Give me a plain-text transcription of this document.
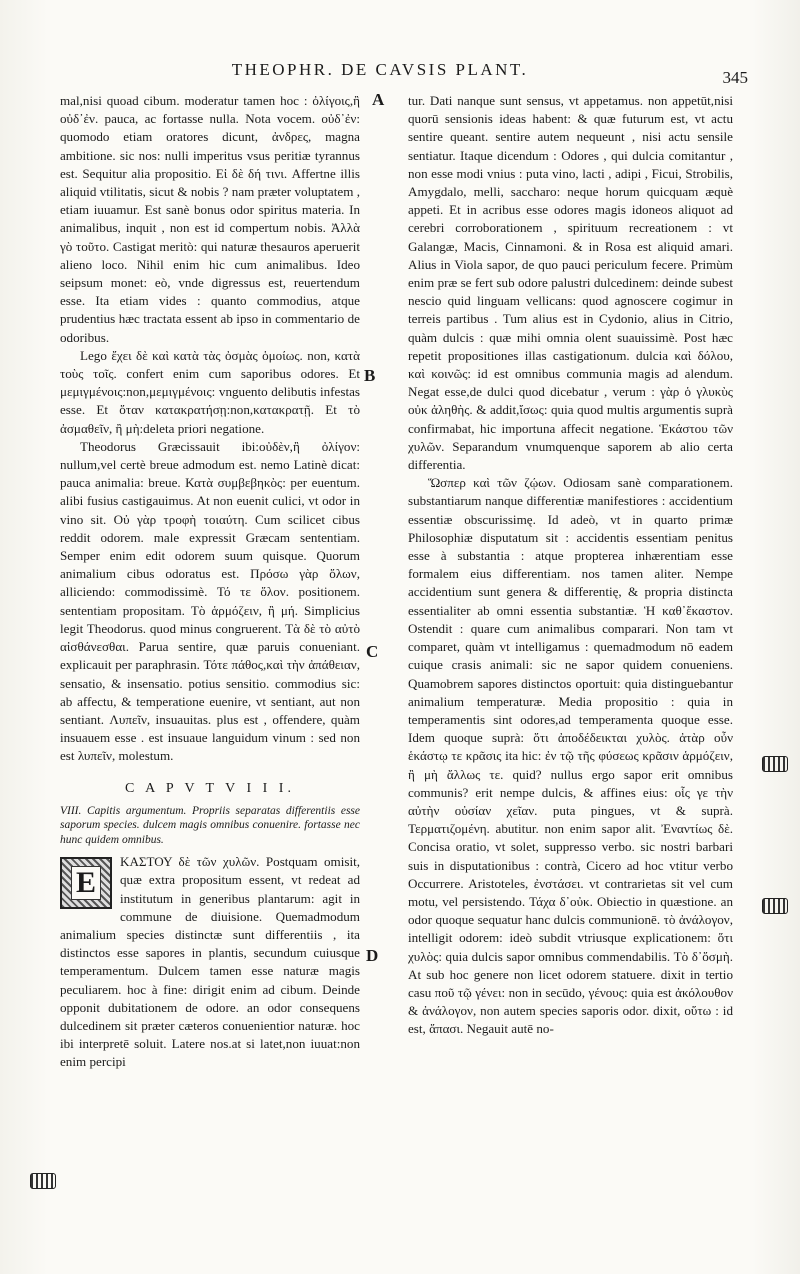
THEOPHR. DE CAVSIS PLANT.	345
A
B
C
D

mal,nisi quoad cibum. moderatur tamen hoc : ὀλίγοις,ἢ οὐδ᾽ἐν. pauca, ac fortasse nulla. Nota vocem. οὐδ᾽ἐν: quomodo etiam oratores dicunt, ἀνδρες, magna ambitione. sic nos: nulli imperitus vsus peritiæ tyrannus est. Sequitur alia propositio. Εἰ δὲ δή τινι. Affertne illis aliquid vtilitatis, sicut & nobis ? nam præter voluptatem , etiam iuuamur. Est sanè bonus odor spiritus materia. In animalibus, inquit , non est id compertum nobis. Ἀλλὰ γὸ τοῦτο. Castigat meritò: qui naturæ thesauros aperuerit alieno loco. Nihil enim hic cum animalibus. Ideo seipsum monet: eò, vnde digressus est, reuertendum esse. Ita etiam vides : quanto commodius, atque prudentius hæc tractata essent ab ipso in commentario de odoribus.

Lego ἔχει δὲ καὶ κατὰ τὰς ὀσμὰς ὁμοίως. non, κατὰ τοὺς τοῖς. confert enim cum saporibus odores. Et μεμιγμένοις:non,μεμιγμένοις: vnguento delibutis infestas esse. Et ὅταν κατακρατήσῃ:non,κατακρατῇ. Et τὸ ἀσμαθεῖν, ἢ μὴ:deleta priori negatione.

Theodorus Græcissauit ibi:οὐδὲν,ἢ ὀλίγον: nullum,vel certè breue admodum est. nemo Latinè dicat: pauca animalia: breue. Κατὰ συμβεβηκὸς: per euentum. alibi fusius castigauimus. At non euenit culici, vt odor in vino sit. Οὐ γὰρ τροφὴ τοιαύτη. Cum scilicet cibus reddit odorem. male expressit Græcam sententiam. Semper enim edit odorem suum quisque. Quorum animalium cibus odoratus est. Πρόσω γὰρ ὅλων, alliciendo: commodissimè. Τό τε ὅλον. positionem. sententiam propositam. Τὸ ἁρμόζειν, ἢ μή. Simplicius legit Theodorus. quod minus congruerent. Τὰ δὲ τὸ αὐτὸ αἰσθάνεσθαι. Parua sentire, quæ paruis conueniant. explicauit per paraphrasin. Τότε πάθος,καὶ τὴν ἀπάθειαν, sensatio, & insensatio. potius sensitio. commodius sic: ab affectu, & temperatione euenire, vt sentiant, aut non sentiant. Λυπεῖν, insuauitas. plus est , offendere, quàm insuauem esse . est insuaue languidum vinum : sed non est λυπεῖν, molestum.

C A P V T V I I I.

VIII. Capitis argumentum. Propriis separatas differentiis esse saporum species. dulcem magis omnibus conuenire. fortasse nec hunc quidem omnibus.

E

ΚΑΣΤΟΥ δὲ τῶν χυλῶν. Postquam omisit, quæ extra propositum essent, vt redeat ad institutum in generibus plantarum: agit in commune de diuisione. Quemadmodum animalium species distinctæ sunt differentiis , ita distinctos esse sapores in plantis, secundum cuiusque temperamentum. Dulcem tamen esse naturæ magis peculiarem. hoc à fine: dirigit enim ad cibum. Deinde opponit dubitationem de odore. an odor consequens dulcedinem sit præter cæteros conuenientior naturæ. hoc ibi interpretē soluit. Latere nos.at si latet,non iuuat:non enim percipi

tur. Dati nanque sunt sensus, vt appetamus. non appetūt,nisi quorū sensionis ideas habent: & quæ futurum est, vt actu sentire queant. sentire autem nequeunt , nisi actu sensile sentiatur. Itaque dicendum : Odores , qui dulcia comitantur , non esse modi vnius : puta vino, lacti , adipi , Ficui, Strobilis, Amygdalo, melli, saccharo: neque horum quicquam æquè appeti. Et in acribus esse odores magis idoneos aliquot ad cerebri corroborationem , spirituum recreationem : vt Galangæ, Macis, Cinnamoni. & in Rosa est aliquid amari. Alius in Viola sapor, de quo pauci periculum fecere. Primùm enim præ se fert sub odore palustri dulcedinem: deinde subest nescio quid linguam vellicans: quod agnoscere cogimur in terreis partibus . Tum alius est in Cydonio, alius in Citrio, quàm dulcis : quæ mihi omnia olent suauissimè. Post hæc repetit propositiones illas castigationum. dulcia καὶ δόλου, καὶ κοινῶς: id est omnibus communia magis ad alendum. Negat esse,de dulci quod dicebatur , verum : γὰρ ὁ γλυκὺς οὐκ ἀληθὴς. & addit,ἴσως: quia quod multis argumentis suprà confirmabat, hic importuna affecit negatione. Ἑκάστου τῶν χυλῶν. Separandum vnumquenque saporem ab alio certa differentia.

Ὥσπερ καὶ τῶν ζῴων. Odiosam sanè comparationem. substantiarum nanque differentiæ manifestiores : accidentium essentiæ obscurissimę. Id adeò, vt in quarto primæ Philosophiæ disputatum sit : accidentis essentiam penitus esse à substantia : atque propterea inhærentiam esse formalem eius differentiam. nos tamen aliter. Nempe accidentium sunt genera & differentię, & propria distincta essentialiter ab omni essentia substantiæ. Ἡ καθ᾽ἕκαστον. Ostendit : quare cum animalibus comparari. Non tam vt comparet, quàm vt intelligamus : quemadmodum nō eadem cuique crasis animali: sic ne sapor quidem conueniens. Quamobrem sapores distinctos oportuit: quia distinguebantur animalium temperaturæ. Media propositio : quia in temperamentis sint odores,ad temperamenta quoque esse. Idem quoque suprà: ὅτι ἀποδέδεικται χυλὸς. ἀτὰρ οὖν ἑκάστῳ τε κρᾶσις ita hic: ἐν τῷ τῆς φύσεως κρᾶσιν ἁρμόζειν, ἢ μὴ ἄλλως τε. quid? nullus ergo sapor erit omnibus communis? erit nempe dulcis, & affines eius: οἷς γε τὴν αὐτὴν οὐσίαν χεῖαν. puta pingues, vt & suprà. Τερματιζομένη. abutitur. non enim sapor alit. Ἐναντίως δὲ. Concisa oratio, vt solet, suppresso verbo. sic nostri barbari suis in disputationibus : contrà, Cicero ad hoc vtitur verbo Occurrere. Aristoteles, ἐνστάσει. vt contrarietas sit vel cum motu, vel persistendo. Τάχα δ᾽οὐκ. Obiectio in quæstione. an odor quoque sequatur hanc dulcis communionē. τὸ ἀνάλογον, intelligit odorem: ideò subdit vtriusque explicationem: ὅτι χυλὸς: quia dulcis sapor omnibus commendabilis. Τὸ δ᾽ὅσμὴ. At sub hoc genere non licet odorem statuere. dixit in tertio casu ποῦ τῷ γένει: non in secūdo, γένους: quia est ἀκόλουθον & ἀνάλογον, non autem species saporis odor. dixit, οὕτω : id est, ἅπασι. Negauit autē no-
